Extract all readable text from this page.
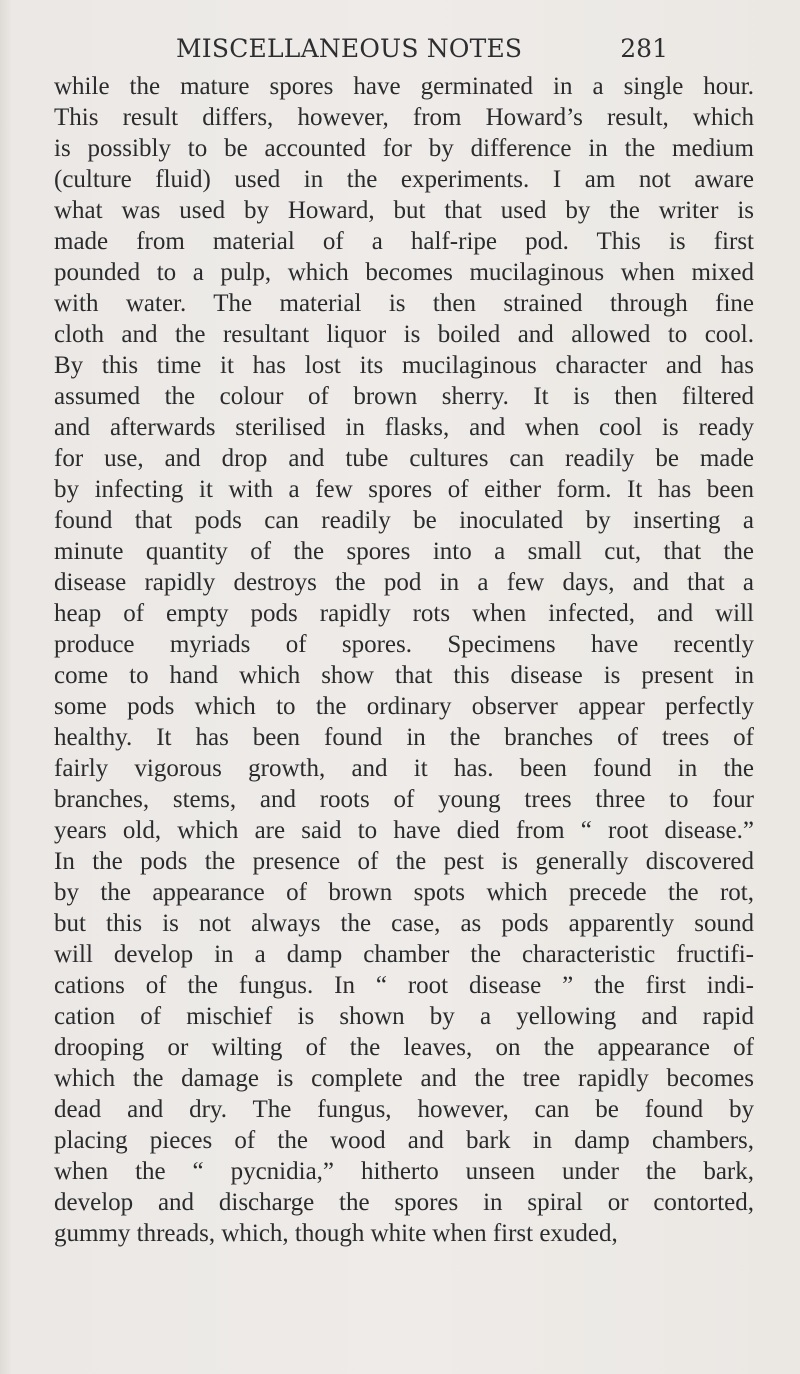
MISCELLANEOUS NOTES	281
while the mature spores have germinated in a single hour.
This result differs, however, from Howard’s result, which
is possibly to be accounted for by difference in the medium
(culture fluid) used in the experiments. I am not aware
what was used by Howard, but that used by the writer is
made from material of a half-ripe pod. This is first
pounded to a pulp, which becomes mucilaginous when mixed
with water. The material is then strained through fine
cloth and the resultant liquor is boiled and allowed to cool.
By this time it has lost its mucilaginous character and has
assumed the colour of brown sherry. It is then filtered
and afterwards sterilised in flasks, and when cool is ready
for use, and drop and tube cultures can readily be made
by infecting it with a few spores of either form. It has been
found that pods can readily be inoculated by inserting a
minute quantity of the spores into a small cut, that the
disease rapidly destroys the pod in a few days, and that a
heap of empty pods rapidly rots when infected, and will
produce myriads of spores. Specimens have recently
come to hand which show that this disease is present in
some pods which to the ordinary observer appear perfectly
healthy. It has been found in the branches of trees of
fairly vigorous growth, and it has. been found in the
branches, stems, and roots of young trees three to four
years old, which are said to have died from “ root disease.”
In the pods the presence of the pest is generally discovered
by the appearance of brown spots which precede the rot,
but this is not always the case, as pods apparently sound
will develop in a damp chamber the characteristic fructifi-
cations of the fungus. In “ root disease ” the first indi-
cation of mischief is shown by a yellowing and rapid
drooping or wilting of the leaves, on the appearance of
which the damage is complete and the tree rapidly becomes
dead and dry. The fungus, however, can be found by
placing pieces of the wood and bark in damp chambers,
when the “ pycnidia,” hitherto unseen under the bark,
develop and discharge the spores in spiral or contorted,
gummy threads, which, though white when first exuded,
